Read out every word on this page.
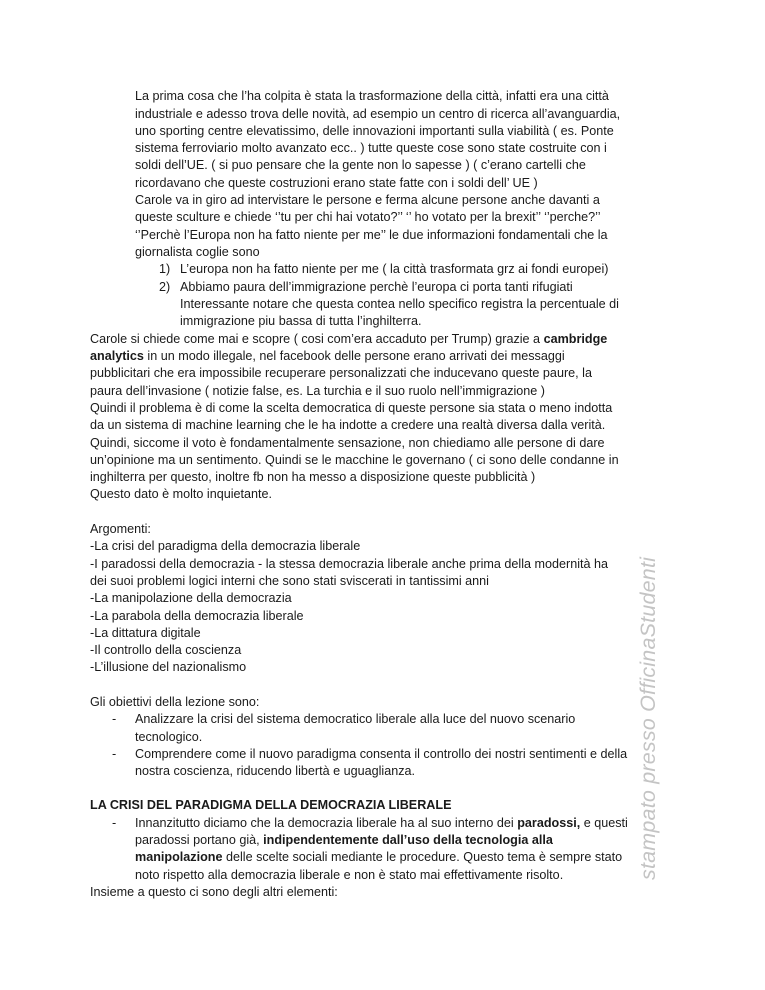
La prima cosa che l’ha colpita è stata la trasformazione della città, infatti era una città
industriale e adesso trova delle novità, ad esempio un centro di ricerca all’avanguardia,
uno sporting centre elevatissimo, delle innovazioni importanti sulla viabilità ( es. Ponte
sistema ferroviario molto avanzato ecc.. ) tutte queste cose sono state costruite con i
soldi dell’UE. ( si puo pensare che la gente non lo sapesse ) ( c’erano cartelli che
ricordavano che queste costruzioni erano state fatte con i soldi dell’ UE )
Carole va in giro ad intervistare le persone e ferma alcune persone anche davanti a
queste sculture e chiede ‘’tu per chi hai votato?’’ ‘’ ho votato per la brexit’’ ‘’perche?’’
‘’Perchè l’Europa non ha fatto niente per me’’ le due informazioni fondamentali che la
giornalista coglie sono
1) L’europa non ha fatto niente per me ( la città trasformata grz ai fondi europei)
2) Abbiamo paura dell’immigrazione perchè l’europa ci porta tanti rifugiati
Interessante notare che questa contea nello specifico registra la percentuale di
immigrazione piu bassa di tutta l’inghilterra.
Carole si chiede come mai e scopre ( cosi com’era accaduto per Trump) grazie a cambridge
analytics in un modo illegale, nel facebook delle persone erano arrivati dei messaggi
pubblicitari che era impossibile recuperare personalizzati che inducevano queste paure, la
paura dell’invasione ( notizie false, es. La turchia e il suo ruolo nell’immigrazione )
Quindi il problema è di come la scelta democratica di queste persone sia stata o meno indotta
da un sistema di machine learning che le ha indotte a credere una realtà diversa dalla verità.
Quindi, siccome il voto è fondamentalmente sensazione, non chiediamo alle persone di dare
un’opinione ma un sentimento. Quindi se le macchine le governano ( ci sono delle condanne in
inghilterra per questo, inoltre fb non ha messo a disposizione queste pubblicità )
Questo dato è molto inquietante.
Argomenti:
-La crisi del paradigma della democrazia liberale
-I paradossi della democrazia - la stessa democrazia liberale anche prima della modernità ha
dei suoi problemi logici interni che sono stati sviscerati in tantissimi anni
-La manipolazione della democrazia
-La parabola della democrazia liberale
-La dittatura digitale
-Il controllo della coscienza
-L’illusione del nazionalismo
Gli obiettivi della lezione sono:
- Analizzare la crisi del sistema democratico liberale alla luce del nuovo scenario
tecnologico.
- Comprendere come il nuovo paradigma consenta il controllo dei nostri sentimenti e della
nostra coscienza, riducendo libertà e uguaglianza.
LA CRISI DEL PARADIGMA DELLA DEMOCRAZIA LIBERALE
- Innanzitutto diciamo che la democrazia liberale ha al suo interno dei paradossi, e questi
paradossi portano già, indipendentemente dall’uso della tecnologia alla
manipolazione delle scelte sociali mediante le procedure. Questo tema è sempre stato
noto rispetto alla democrazia liberale e non è stato mai effettivamente risolto.
Insieme a questo ci sono degli altri elementi:
stampato presso OfficinaStudenti
